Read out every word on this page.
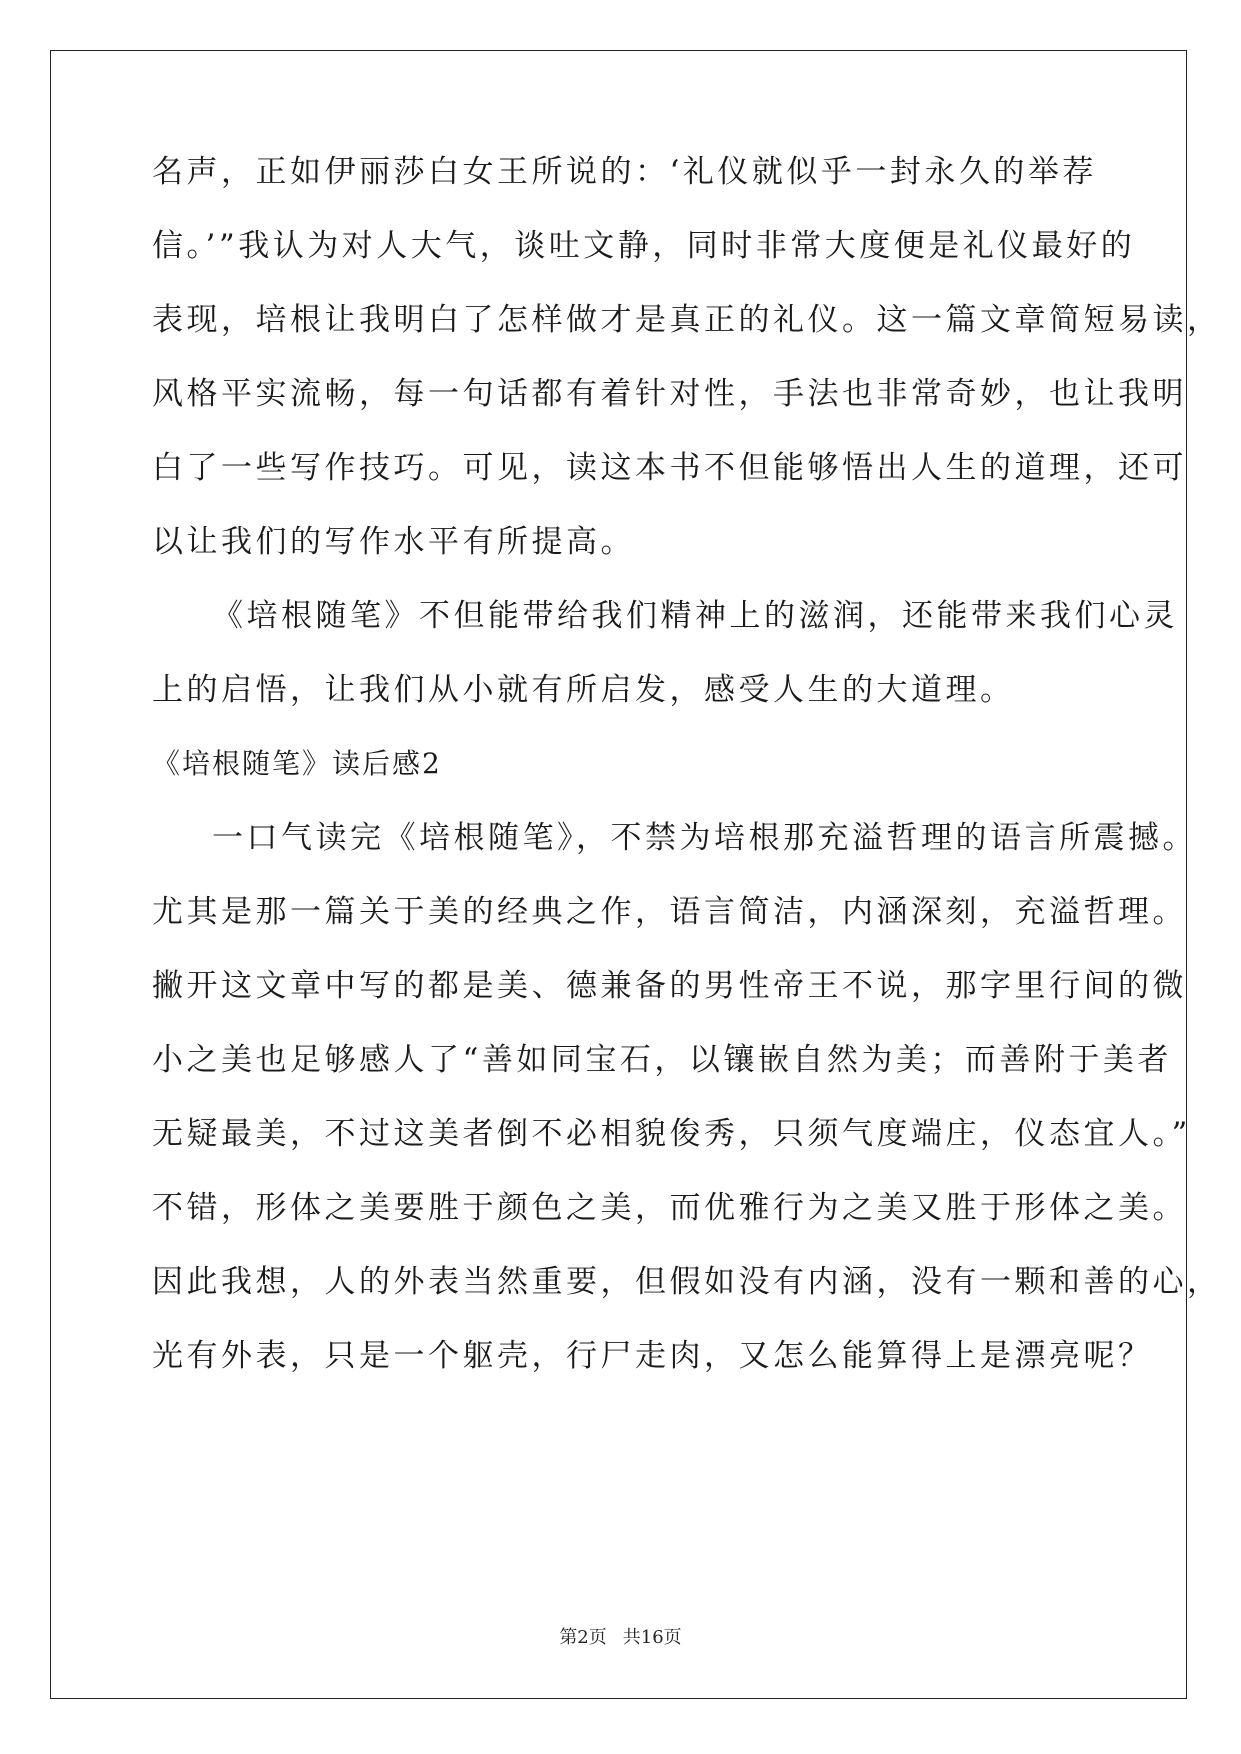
名声，正如伊丽莎白女王所说的：‘礼仪就似乎一封永久的举荐

信。’”我认为对人大气，谈吐文静，同时非常大度便是礼仪最好的

表现，培根让我明白了怎样做才是真正的礼仪。这一篇文章简短易读，

风格平实流畅，每一句话都有着针对性，手法也非常奇妙，也让我明

白了一些写作技巧。可见，读这本书不但能够悟出人生的道理，还可

以让我们的写作水平有所提高。

《培根随笔》不但能带给我们精神上的滋润，还能带来我们心灵

上的启悟，让我们从小就有所启发，感受人生的大道理。

《培根随笔》读后感2

一口气读完《培根随笔》，不禁为培根那充溢哲理的语言所震撼。

尤其是那一篇关于美的经典之作，语言简洁，内涵深刻，充溢哲理。

撇开这文章中写的都是美、德兼备的男性帝王不说，那字里行间的微

小之美也足够感人了“善如同宝石，以镶嵌自然为美；而善附于美者

无疑最美，不过这美者倒不必相貌俊秀，只须气度端庄，仪态宜人。”

不错，形体之美要胜于颜色之美，而优雅行为之美又胜于形体之美。

因此我想，人的外表当然重要，但假如没有内涵，没有一颗和善的心，

光有外表，只是一个躯壳，行尸走肉，又怎么能算得上是漂亮呢？

第2页 共16页
